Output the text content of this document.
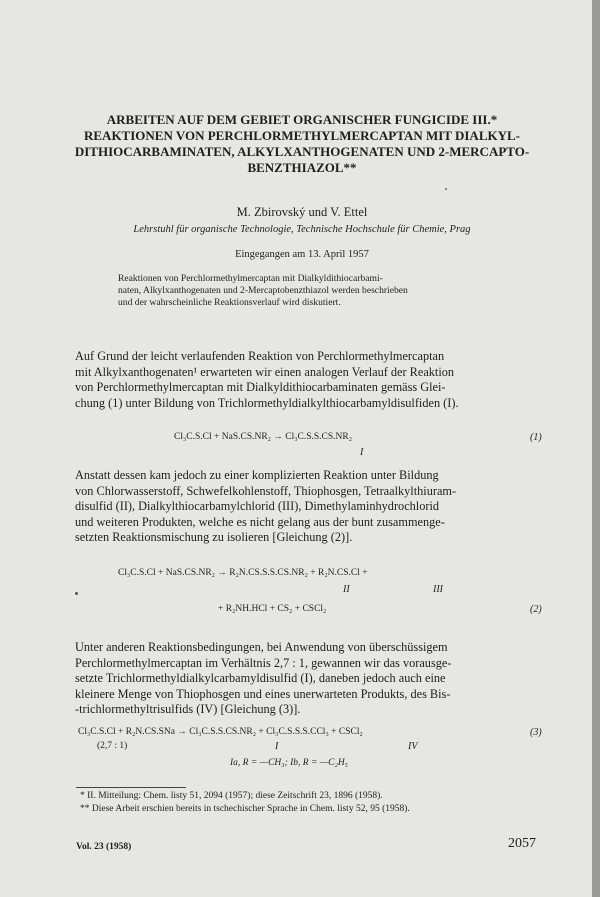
ARBEITEN AUF DEM GEBIET ORGANISCHER FUNGICIDE III.*
REAKTIONEN VON PERCHLORMETHYLMERCAPTAN MIT DIALKYL-
DITHIOCARBAMINATEN, ALKYLXANTHOGENATEN UND 2-MERCAPTO-
BENZTHIAZOL**
M. Zbirovský und V. Ettel
Lehrstuhl für organische Technologie, Technische Hochschule für Chemie, Prag
Eingegangen am 13. April 1957
Reaktionen von Perchlormethylmercaptan mit Dialkyldithiocarbami-
naten, Alkylxanthogenaten und 2-Mercaptobenzthiazol werden beschrieben
und der wahrscheinliche Reaktionsverlauf wird diskutiert.
Auf Grund der leicht verlaufenden Reaktion von Perchlormethylmercaptan
mit Alkylxanthogenaten¹ erwarteten wir einen analogen Verlauf der Reaktion
von Perchlormethylmercaptan mit Dialkyldithiocarbaminaten gemäss Glei-
chung (1) unter Bildung von Trichlormethyldialkylthiocarbamyldisulfiden (I).
Cl₃C.S.Cl + NaS.CS.NR₂ → Cl₃C.S.S.CS.NR₂	(1)
I
Anstatt dessen kam jedoch zu einer komplizierten Reaktion unter Bildung
von Chlorwasserstoff, Schwefelkohlenstoff, Thiophosgen, Tetraalkylthiuram-
disulfid (II), Dialkylthiocarbamylchlorid (III), Dimethylaminhydrochlorid
und weiteren Produkten, welche es nicht gelang aus der bunt zusammenge-
setzten Reaktionsmischung zu isolieren [Gleichung (2)].
Cl₃C.S.Cl + NaS.CS.NR₂ → R₂N.CS.S.S.CS.NR₂ + R₂N.CS.Cl +
II	III
+ R₂NH.HCl + CS₂ + CSCl₂	(2)
Unter anderen Reaktionsbedingungen, bei Anwendung von überschüssigem
Perchlormethylmercaptan im Verhältnis 2,7 : 1, gewannen wir das vorausge-
setzte Trichlormethyldialkylcarbamyldisulfid (I), daneben jedoch auch eine
kleinere Menge von Thiophosgen und eines unerwarteten Produkts, des Bis-
-trichlormethyltrisulfids (IV) [Gleichung (3)].
Cl₃C.S.Cl + R₂N.CS.SNa → Cl₃C.S.S.CS.NR₂ + Cl₃C.S.S.S.CCl₃ + CSCl₂	(3)
(2,7 : 1)	I	IV
Ia, R = —CH₃; Ib, R = —C₂H₅
* II. Mitteilung: Chem. listy 51, 2094 (1957); diese Zeitschrift 23, 1896 (1958).
** Diese Arbeit erschien bereits in tschechischer Sprache in Chem. listy 52, 95 (1958).
Vol. 23 (1958)	2057
